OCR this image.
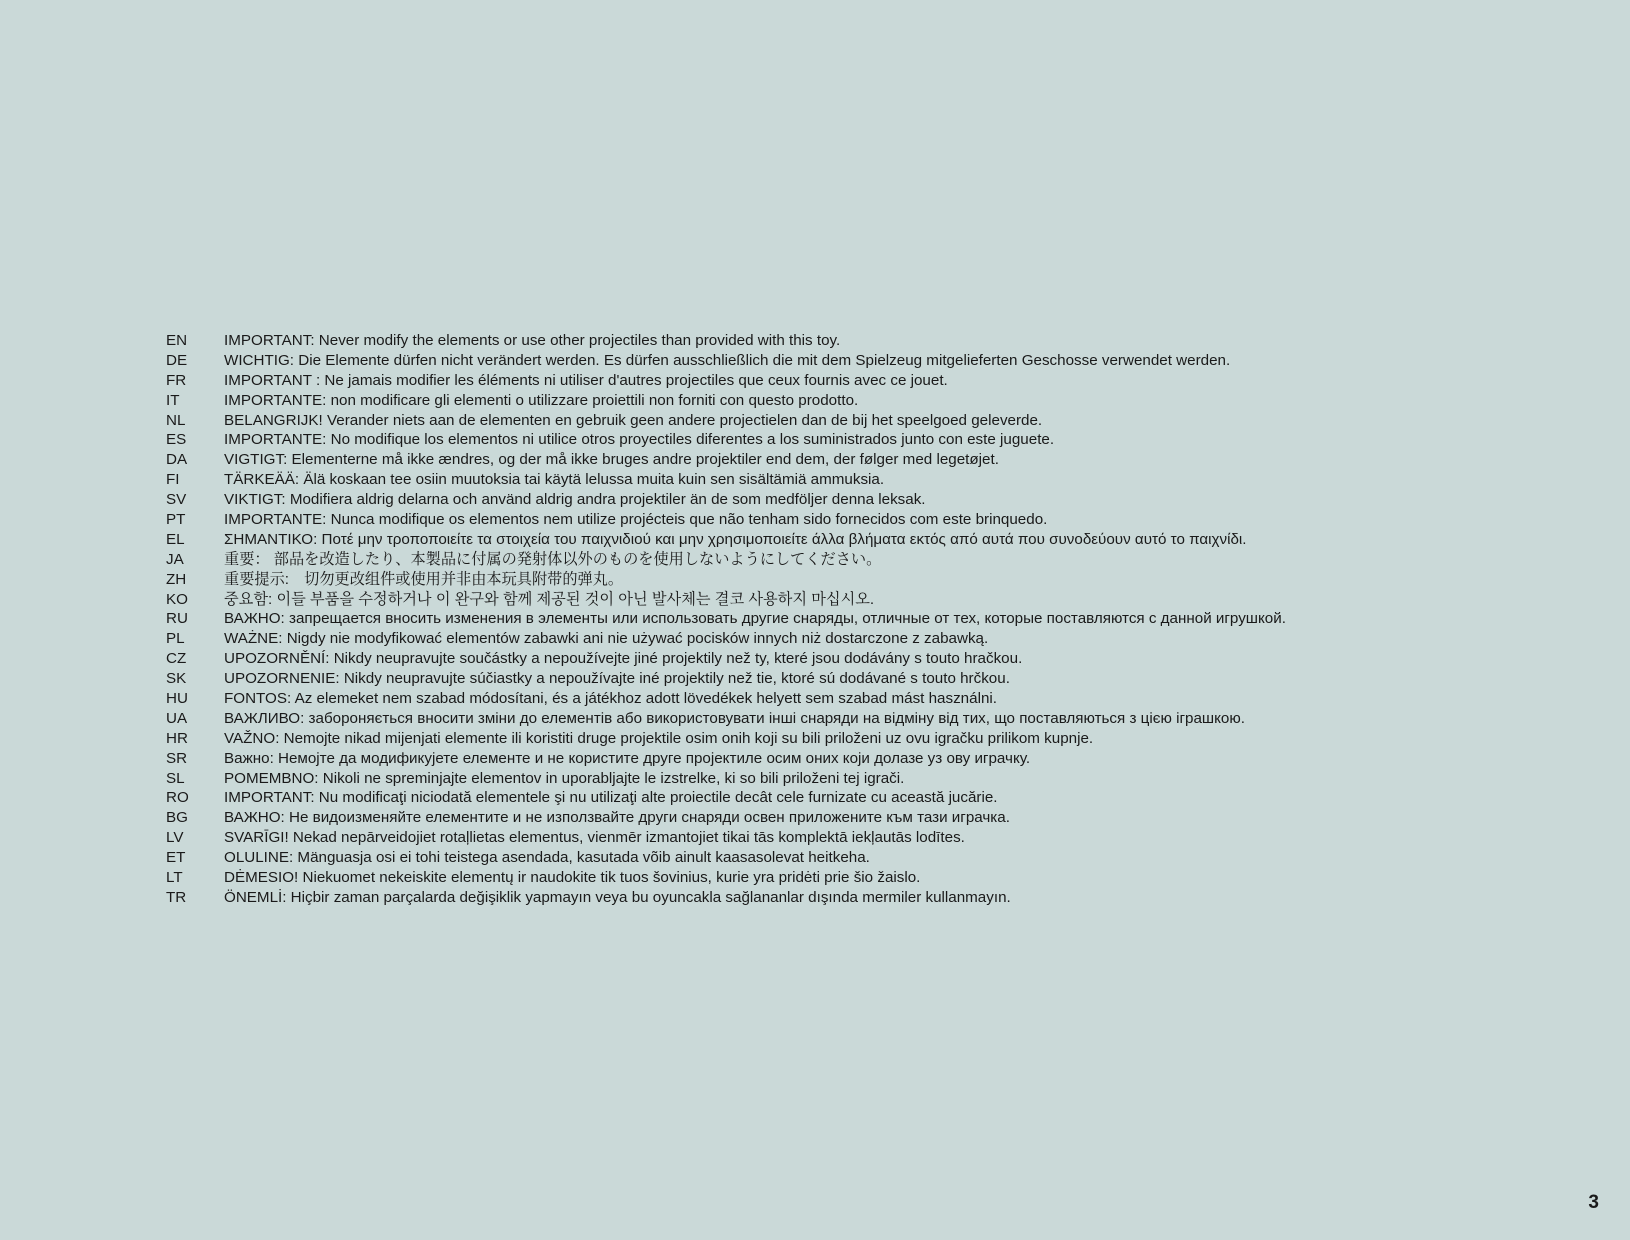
EN	IMPORTANT: Never modify the elements or use other projectiles than provided with this toy.
DE	WICHTIG: Die Elemente dürfen nicht verändert werden. Es dürfen ausschließlich die mit dem Spielzeug mitgelieferten Geschosse verwendet werden.
FR	IMPORTANT : Ne jamais modifier les éléments ni utiliser d'autres projectiles que ceux fournis avec ce jouet.
IT	IMPORTANTE: non modificare gli elementi o utilizzare proiettili non forniti con questo prodotto.
NL	BELANGRIJK! Verander niets aan de elementen en gebruik geen andere projectielen dan de bij het speelgoed geleverde.
ES	IMPORTANTE: No modifique los elementos ni utilice otros proyectiles diferentes a los suministrados junto con este juguete.
DA	VIGTIGT: Elementerne må ikke ændres, og der må ikke bruges andre projektiler end dem, der følger med legetøjet.
FI	TÄRKEÄÄ: Älä koskaan tee osiin muutoksia tai käytä lelussa muita kuin sen sisältämiä ammuksia.
SV	VIKTIGT: Modifiera aldrig delarna och använd aldrig andra projektiler än de som medföljer denna leksak.
PT	IMPORTANTE: Nunca modifique os elementos nem utilize projécteis que não tenham sido fornecidos com este brinquedo.
EL	ΣΗΜΑΝΤΙΚΟ: Ποτέ μην τροποποιείτε τα στοιχεία του παιχνιδιού και μην χρησιμοποιείτε άλλα βλήματα εκτός από αυτά που συνοδεύουν αυτό το παιχνίδι.
JA	重要： 部品を改造したり、本製品に付属の発射体以外のものを使用しないようにしてください。
ZH	重要提示:　切勿更改组件或使用并非由本玩具附带的弹丸。
KO	중요함: 이들 부품을 수정하거나 이 완구와 함께 제공된 것이 아닌 발사체는 결코 사용하지 마십시오.
RU	ВАЖНО: запрещается вносить изменения в элементы или использовать другие снаряды, отличные от тех, которые поставляются с данной игрушкой.
PL	WAŻNE: Nigdy nie modyfikować elementów zabawki ani nie używać pocisków innych niż dostarczone z zabawką.
CZ	UPOZORNĚNÍ: Nikdy neupravujte součástky a nepoužívejte jiné projektily než ty, které jsou dodávány s touto hračkou.
SK	UPOZORNENIE: Nikdy neupravujte súčiastky a nepoužívajte iné projektily než tie, ktoré sú dodávané s touto hrčkou.
HU	FONTOS: Az elemeket nem szabad módosítani, és a játékhoz adott lövedékek helyett sem szabad mást használni.
UA	ВАЖЛИВО: забороняється вносити зміни до елементів або використовувати інші снаряди на відміну від тих, що поставляються з цією іграшкою.
HR	VAŽNO: Nemojte nikad mijenjati elemente ili koristiti druge projektile osim onih koji su bili priloženi uz ovu igračku prilikom kupnje.
SR	Важно: Немојте да модификујете елементе и не користите друге пројектиле осим оних који долазе уз ову играчку.
SL	POMEMBNO: Nikoli ne spreminjajte elementov in uporabljajte le izstrelke, ki so bili priloženi tej igrači.
RO	IMPORTANT: Nu modificaţi niciodată elementele şi nu utilizaţi alte proiectile decât cele furnizate cu această jucărie.
BG	ВАЖНО: Не видоизменяйте елементите и не използвайте други снаряди освен приложените към тази играчка.
LV	SVARĪGI! Nekad nepārveidojiet rotaļlietas elementus, vienmēr izmantojiet tikai tās komplektā iekļautās lodītes.
ET	OLULINE: Mänguasja osi ei tohi teistega asendada, kasutada võib ainult kaasasolevat heitkeha.
LT	DĖMESIO! Niekuomet nekeiskite elementų ir naudokite tik tuos šovinius, kurie yra pridėti prie šio žaislo.
TR	ÖNEMLİ: Hiçbir zaman parçalarda değişiklik yapmayın veya bu oyuncakla sağlananlar dışında mermiler kullanmayın.
3
